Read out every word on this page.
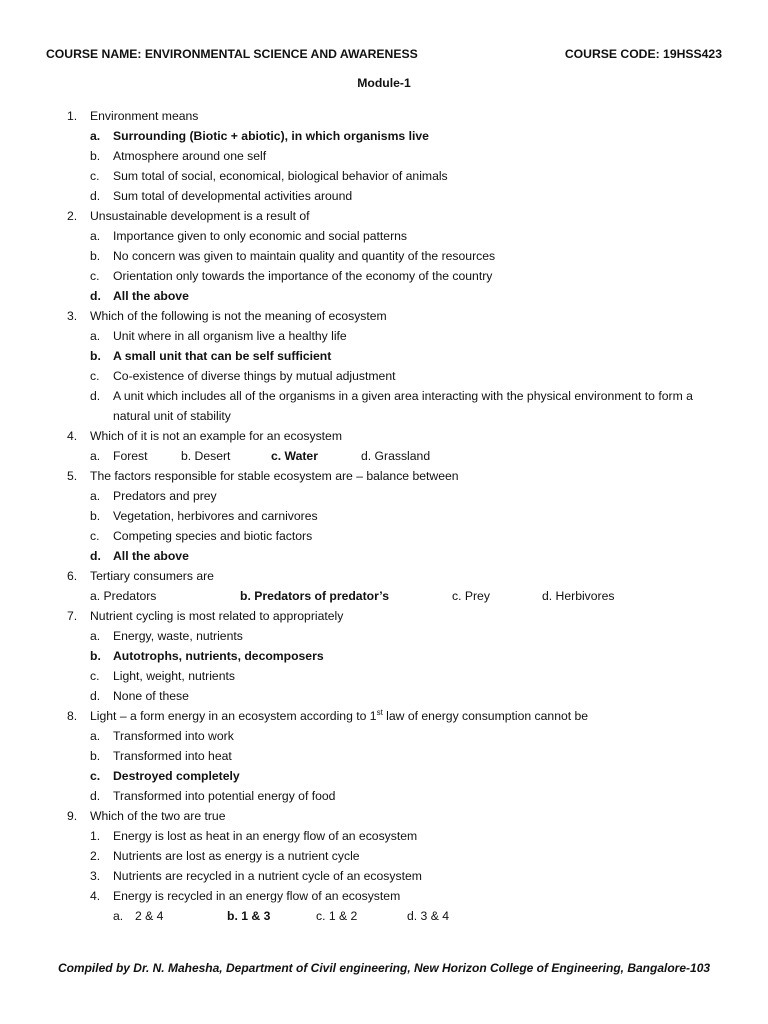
COURSE NAME: ENVIRONMENTAL SCIENCE AND AWARENESS	COURSE CODE: 19HSS423
Module-1
1. Environment means
a. Surrounding (Biotic + abiotic), in which organisms live
b. Atmosphere around one self
c. Sum total of social, economical, biological behavior of animals
d. Sum total of developmental activities around
2. Unsustainable development is a result of
a. Importance given to only economic and social patterns
b. No concern was given to maintain quality and quantity of the resources
c. Orientation only towards the importance of the economy of the country
d. All the above
3. Which of the following is not the meaning of ecosystem
a. Unit where in all organism live a healthy life
b. A small unit that can be self sufficient
c. Co-existence of diverse things by mutual adjustment
d. A unit which includes all of the organisms in a given area interacting with the physical environment to form a
natural unit of stability
4. Which of it is not an example for an ecosystem
a. Forest	b. Desert	c. Water	d. Grassland
5. The factors responsible for stable ecosystem are – balance between
a. Predators and prey
b. Vegetation, herbivores and carnivores
c. Competing species and biotic factors
d. All the above
6. Tertiary consumers are
a. Predators	b. Predators of predator’s	c. Prey	d. Herbivores
7. Nutrient cycling is most related to appropriately
a. Energy, waste, nutrients
b. Autotrophs, nutrients, decomposers
c. Light, weight, nutrients
d. None of these
8. Light – a form energy in an ecosystem according to 1st law of energy consumption cannot be
a. Transformed into work
b. Transformed into heat
c. Destroyed completely
d. Transformed into potential energy of food
9. Which of the two are true
1. Energy is lost as heat in an energy flow of an ecosystem
2. Nutrients are lost as energy is a nutrient cycle
3. Nutrients are recycled in a nutrient cycle of an ecosystem
4. Energy is recycled in an energy flow of an ecosystem
a. 2 & 4	b. 1 & 3	c. 1 & 2	d. 3 & 4
Compiled by Dr. N. Mahesha, Department of Civil engineering, New Horizon College of Engineering, Bangalore-103
